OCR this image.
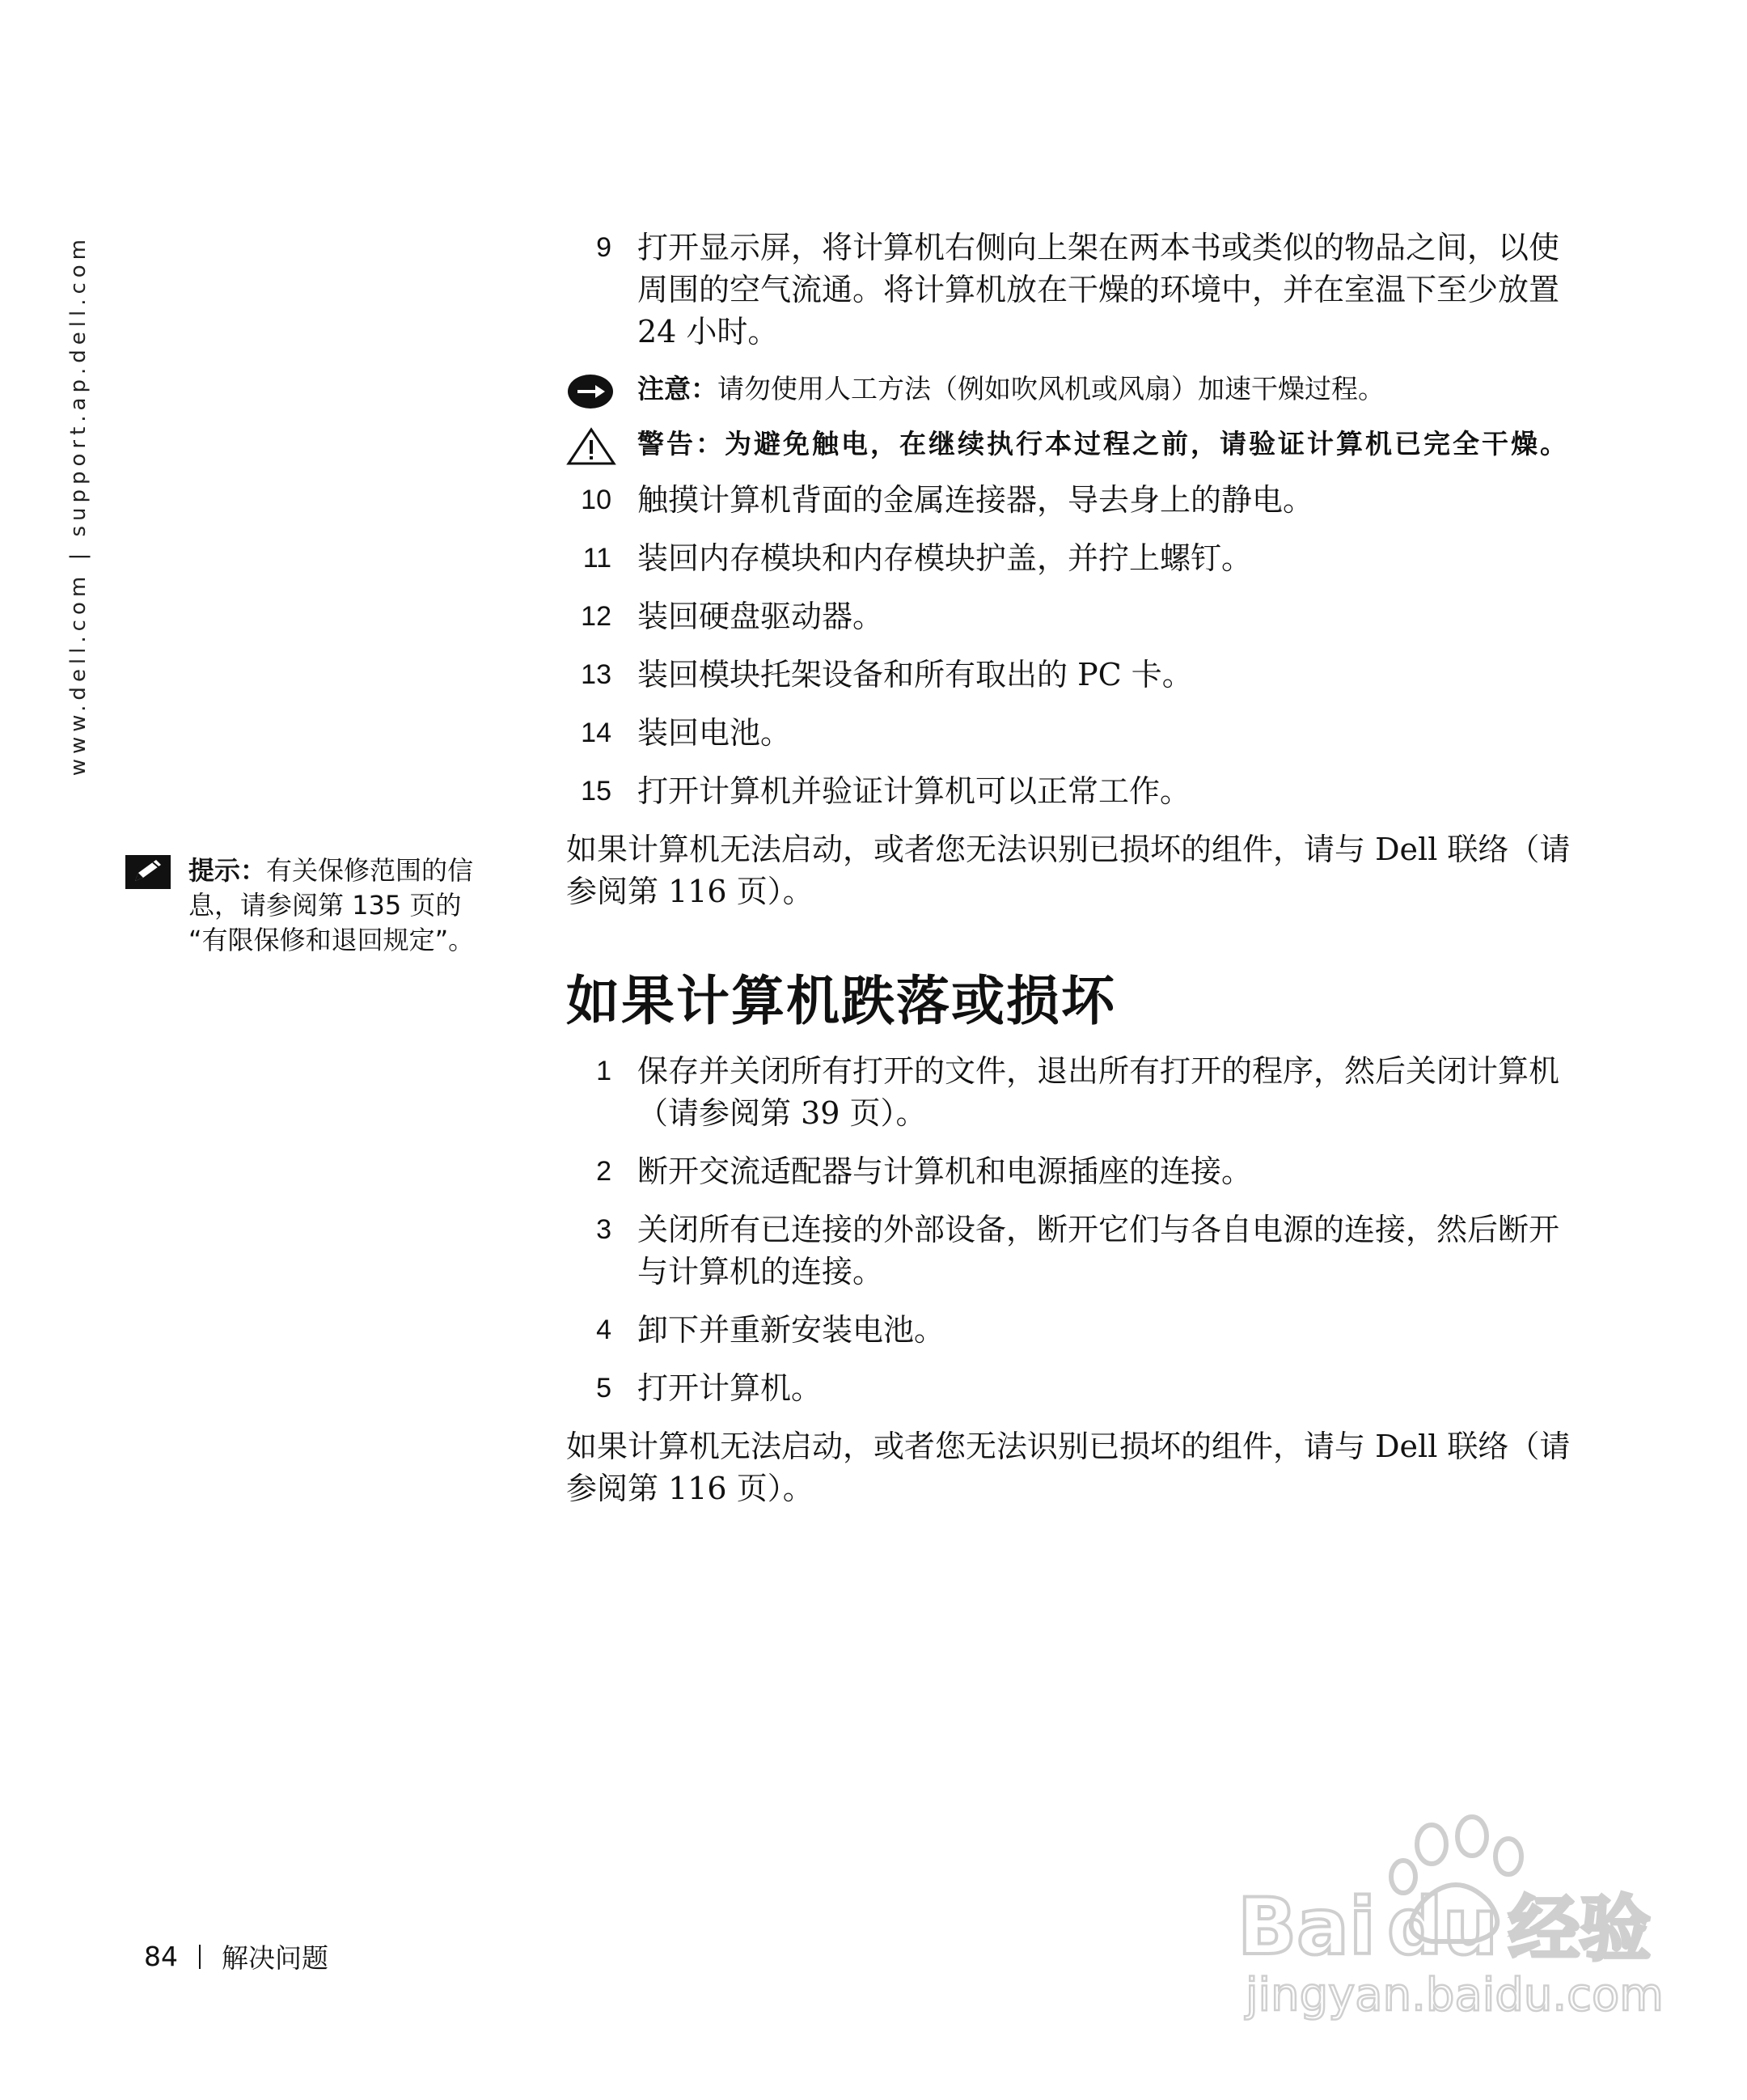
www.dell.com | support.ap.dell.com
提示：有关保修范围的信息，请参阅第 135 页的 “有限保修和退回规定”。
9 打开显示屏，将计算机右侧向上架在两本书或类似的物品之间，以使周围的空气流通。将计算机放在干燥的环境中，并在室温下至少放置 24 小时。
注意：请勿使用人工方法（例如吹风机或风扇）加速干燥过程。
警告：为避免触电，在继续执行本过程之前，请验证计算机已完全干燥。
10 触摸计算机背面的金属连接器，导去身上的静电。
11 装回内存模块和内存模块护盖，并拧上螺钉。
12 装回硬盘驱动器。
13 装回模块托架设备和所有取出的 PC 卡。
14 装回电池。
15 打开计算机并验证计算机可以正常工作。

如果计算机无法启动，或者您无法识别已损坏的组件，请与 Dell 联络（请参阅第 116 页）。

如果计算机跌落或损坏
1 保存并关闭所有打开的文件，退出所有打开的程序，然后关闭计算机 （请参阅第 39 页）。
2 断开交流适配器与计算机和电源插座的连接。
3 关闭所有已连接的外部设备，断开它们与各自电源的连接，然后断开与计算机的连接。
4 卸下并重新安装电池。
5 打开计算机。

如果计算机无法启动，或者您无法识别已损坏的组件，请与 Dell 联络（请参阅第 116 页）。

84 解决问题	Bai du 经验
jingyan.baidu.com
